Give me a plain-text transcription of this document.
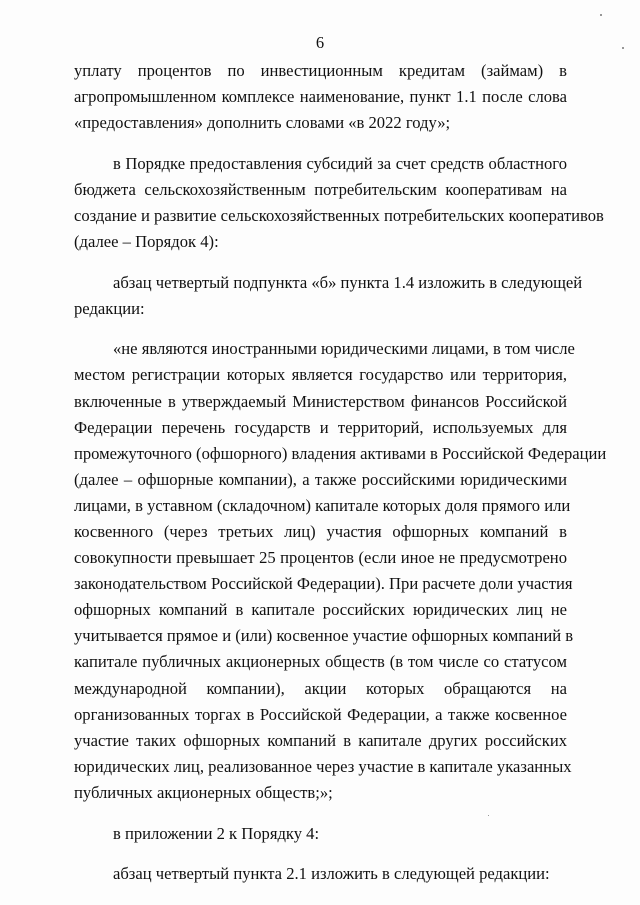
6
уплату процентов по инвестиционным кредитам (займам) в
агропромышленном комплексе наименование, пункт 1.1 после слова
«предоставления» дополнить словами «в 2022 году»;
в Порядке предоставления субсидий за счет средств областного
бюджета сельскохозяйственным потребительским кооперативам на
создание и развитие сельскохозяйственных потребительских кооперативов
(далее – Порядок 4):
абзац четвертый подпункта «б» пункта 1.4 изложить в следующей
редакции:
«не являются иностранными юридическими лицами, в том числе
местом регистрации которых является государство или территория,
включенные в утверждаемый Министерством финансов Российской
Федерации перечень государств и территорий, используемых для
промежуточного (офшорного) владения активами в Российской Федерации
(далее – офшорные компании), а также российскими юридическими
лицами, в уставном (складочном) капитале которых доля прямого или
косвенного (через третьих лиц) участия офшорных компаний в
совокупности превышает 25 процентов (если иное не предусмотрено
законодательством Российской Федерации). При расчете доли участия
офшорных компаний в капитале российских юридических лиц не
учитывается прямое и (или) косвенное участие офшорных компаний в
капитале публичных акционерных обществ (в том числе со статусом
международной компании), акции которых обращаются на
организованных торгах в Российской Федерации, а также косвенное
участие таких офшорных компаний в капитале других российских
юридических лиц, реализованное через участие в капитале указанных
публичных акционерных обществ;»;
в приложении 2 к Порядку 4:
абзац четвертый пункта 2.1 изложить в следующей редакции:
